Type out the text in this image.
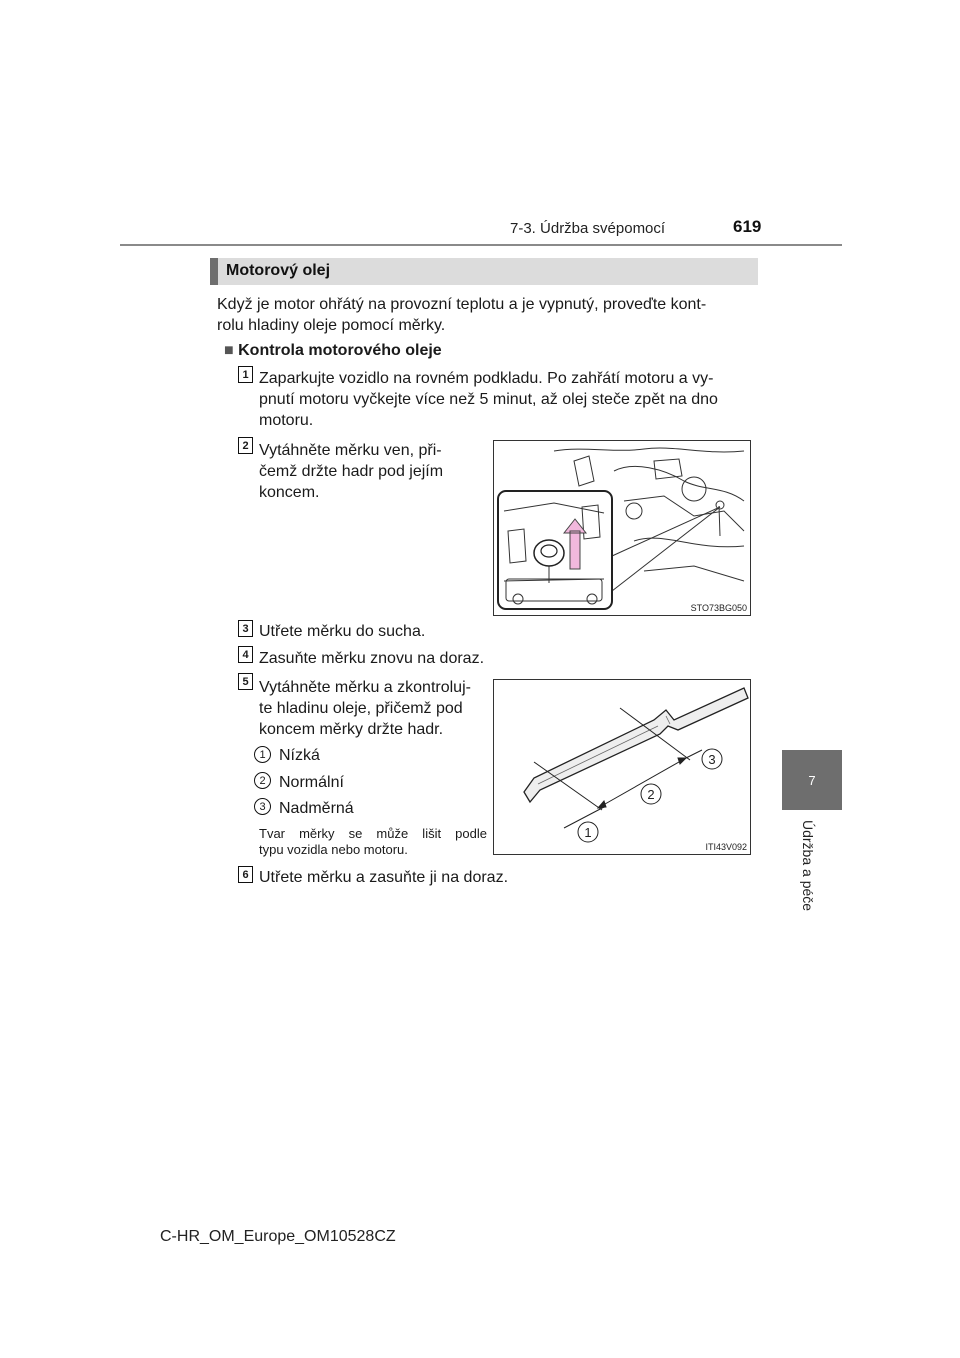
7-3. Údržba svépomocí	619
7
Údržba a péče
Motorový olej
Když je motor ohřátý na provozní teplotu a je vypnutý, proveďte kont-
rolu hladiny oleje pomocí měrky.
■ Kontrola motorového oleje
1 Zaparkujte vozidlo na rovném podkladu. Po zahřátí motoru a vy-
pnutí motoru vyčkejte více než 5 minut, až olej steče zpět na dno
motoru.
2 Vytáhněte měrku ven, při-
čemž držte hadr pod jejím
koncem.
STO73BG050
3 Utřete měrku do sucha.
4 Zasuňte měrku znovu na doraz.
5 Vytáhněte měrku a zkontroluj-
te hladinu oleje, přičemž pod
koncem měrky držte hadr.
1 Nízká
2 Normální
3 Nadměrná
Tvar měrky se může lišit podle
typu vozidla nebo motoru.
3
2
1
ITI43V092
6 Utřete měrku a zasuňte ji na doraz.
C-HR_OM_Europe_OM10528CZ
